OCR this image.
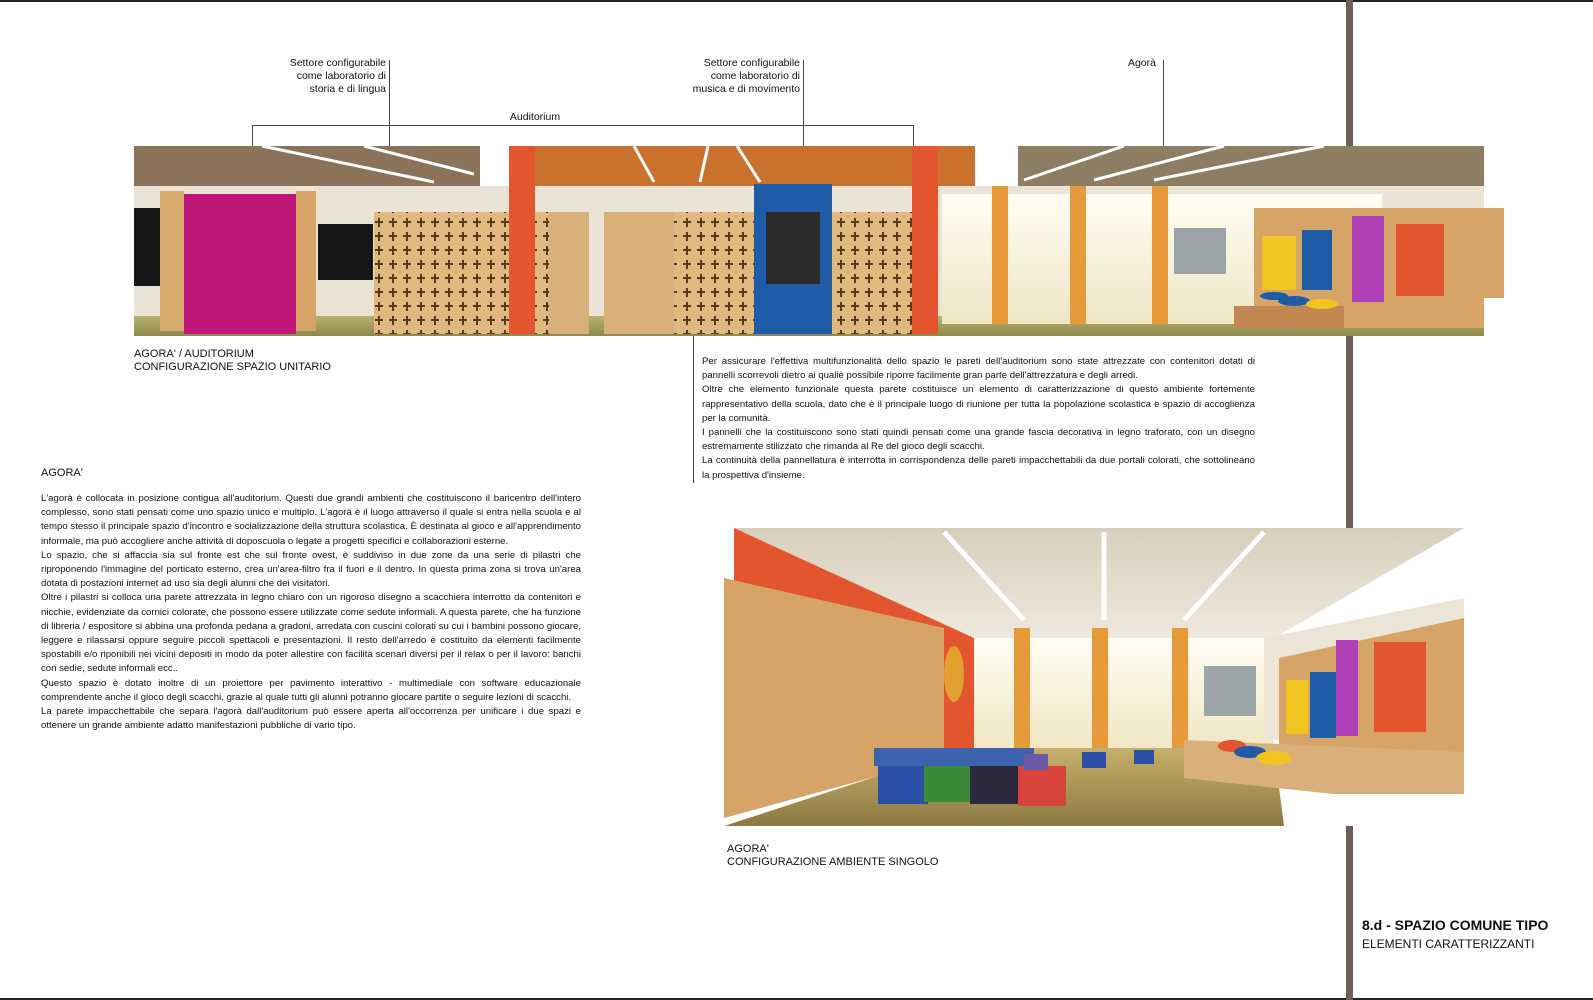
Settore configurabile
come laboratorio di
storia e di lingua
Settore configurabile
come laboratorio di
musica e di movimento
Agorà
Auditorium
AGORA' / AUDITORIUM
CONFIGURAZIONE SPAZIO UNITARIO	Per assicurare l'effettiva multifunzionalità dello spazio le pareti dell'auditorium sono state attrezzate con contenitori dotati di pannelli scorrevoli dietro ai qualiè possibile riporre facilmente gran parte dell'attrezzatura e degli arredi.

Oltre che elemento funzionale questa parete costituisce un elemento di caratterizzazione di questo ambiente fortemente rappresentativo della scuola, dato che è il principale luogo di riunione per tutta la popolazione scolastica e spazio di accoglienza per la comunità.

I pannelli che la costituiscono sono stati quindi pensati come una grande fascia decorativa in legno traforato, con un disegno estremamente stilizzato che rimanda al Re del gioco degli scacchi.

La continuità della pannellatura è interrotta in corrispondenza delle pareti impacchettabili da due portali colorati, che sottolineano la prospettiva d'insieme.

AGORA'

L'agorà è collocata in posizione contigua all'auditorium. Questi due grandi ambienti che costituiscono il baricentro dell'intero complesso, sono stati pensati come uno spazio unico e multiplo. L'agorà è il luogo attraverso il quale si entra nella scuola e al tempo stesso il principale spazio d'incontro e socializzazione della struttura scolastica. È destinata al gioco e all'apprendimento informale, ma può accogliere anche attività di doposcuola o legate a progetti specifici e collaborazioni esterne.

Lo spazio, che si affaccia sia sul fronte est che sul fronte ovest, è suddiviso in due zone da una serie di pilastri che riproponendo l'immagine del porticato esterno, crea un'area-filtro fra il fuori e il dentro. In questa prima zona si trova un'area dotata di postazioni internet ad uso sia degli alunni che dei visitatori.

Oltre i pilastri si colloca una parete attrezzata in legno chiaro con un rigoroso disegno a scacchiera interrotto da contenitori e nicchie, evidenziate da cornici colorate, che possono essere utilizzate come sedute informali. A questa parete, che ha funzione di libreria / espositore si abbina una profonda pedana a gradoni, arredata con cuscini colorati su cui i bambini possono giocare, leggere e rilassarsi oppure seguire piccoli spettacoli e presentazioni. Il resto dell'arredo è costituito da elementi facilmente spostabili e/o riponibili nei vicini depositi in modo da poter allestire con facilità scenari diversi per il relax o per il lavoro: banchi con sedie, sedute informali ecc..

Questo spazio è dotato inoltre di un proiettore per pavimento interattivo - multimediale con software educazionale comprendente anche il gioco degli scacchi, grazie al quale tutti gli alunni potranno giocare partite o seguire lezioni di scacchi.

La parete impacchettabile che separa l'agorà dall'auditorium può essere aperta all'occorrenza per unificare i due spazi e ottenere un grande ambiente adatto manifestazioni pubbliche di vario tipo.

AGORA'
CONFIGURAZIONE AMBIENTE SINGOLO
8.d - SPAZIO COMUNE TIPO
ELEMENTI CARATTERIZZANTI
